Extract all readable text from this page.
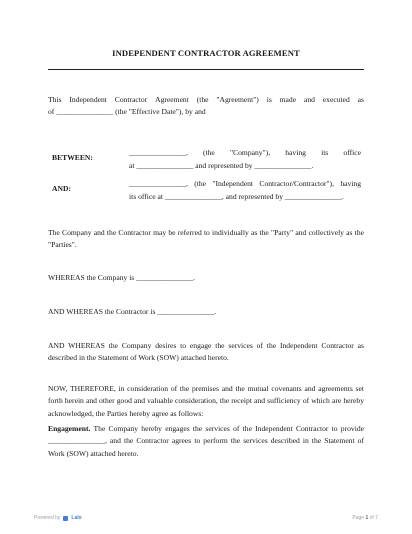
INDEPENDENT CONTRACTOR AGREEMENT
This Independent Contractor Agreement (the "Agreement") is made and executed as
of _______________ (the "Effective Date"), by and
BETWEEN:
_______________, (the "Company"), having its office
at _______________ and represented by _______________.
AND:
_______________, (the "Independent Contractor/Contractor"), having
its office at _______________, and represented by _______________.

The Company and the Contractor may be referred to individually as the "Party" and collectively as the "Parties".

WHEREAS the Company is _______________.

AND WHEREAS the Contractor is _______________.

AND WHEREAS the Company desires to engage the services of the Independent Contractor as described in the Statement of Work (SOW) attached hereto.

NOW, THEREFORE, in consideration of the premises and the mutual covenants and agreements set forth herein and other good and valuable consideration, the receipt and sufficiency of which are hereby acknowledged, the Parties hereby agree as follows:

Engagement. The Company hereby engages the services of the Independent Contractor to provide _______________, and the Contractor agrees to perform the services described in the Statement of Work (SOW) attached hereto.

Powered by Lalo	Page 1 of 7
